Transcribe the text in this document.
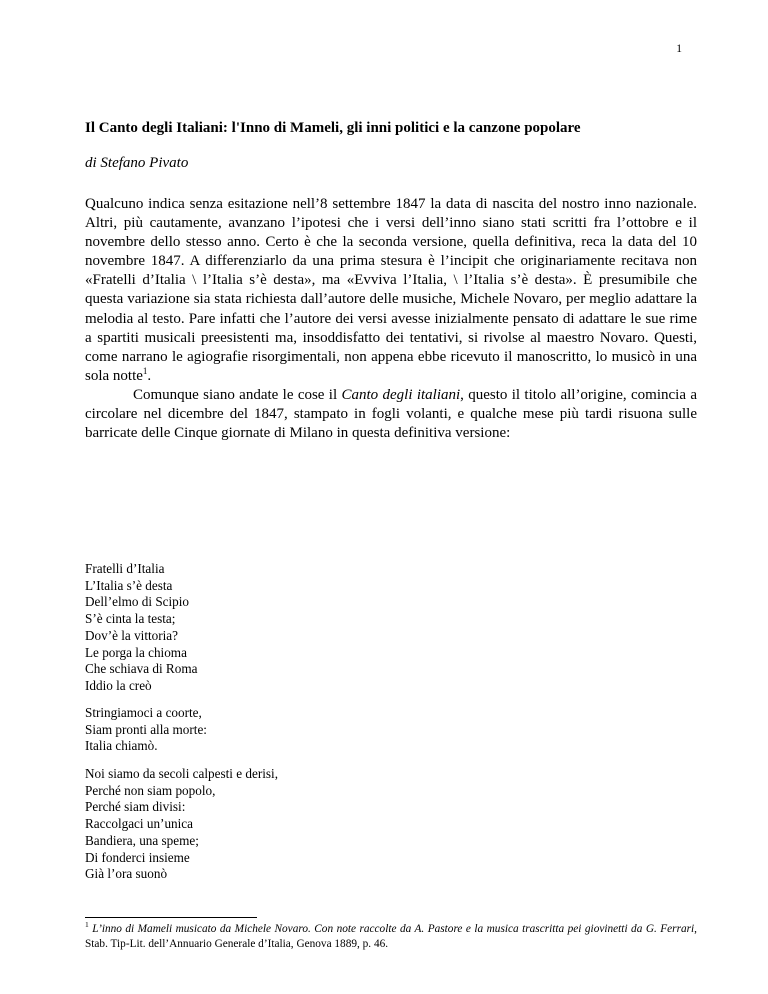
1
Il Canto degli Italiani: l'Inno di Mameli, gli inni politici e la canzone popolare
di Stefano Pivato

Qualcuno indica senza esitazione nell’8 settembre 1847 la data di nascita del nostro inno nazionale. Altri, più cautamente, avanzano l’ipotesi che i versi dell’inno siano stati scritti fra l’ottobre e il novembre dello stesso anno. Certo è che la seconda versione, quella definitiva, reca la data del 10 novembre 1847. A differenziarlo da una prima stesura è l’incipit che originariamente recitava non «Fratelli d’Italia \ l’Italia s’è desta», ma «Evviva l’Italia, \ l’Italia s’è desta». È presumibile che questa variazione sia stata richiesta dall’autore delle musiche, Michele Novaro, per meglio adattare la melodia al testo. Pare infatti che l’autore dei versi avesse inizialmente pensato di adattare le sue rime a spartiti musicali preesistenti ma, insoddisfatto dei tentativi, si rivolse al maestro Novaro. Questi, come narrano le agiografie risorgimentali, non appena ebbe ricevuto il manoscritto, lo musicò in una sola notte$^1$.

Comunque siano andate le cose il Canto degli italiani, questo il titolo all’origine, comincia a circolare nel dicembre del 1847, stampato in fogli volanti, e qualche mese più tardi risuona sulle barricate delle Cinque giornate di Milano in questa definitiva versione:

Fratelli d’Italia
L’Italia s’è desta
Dell’elmo di Scipio
S’è cinta la testa;
Dov’è la vittoria?
Le porga la chioma
Che schiava di Roma
Iddio la creò
Stringiamoci a coorte,
Siam pronti alla morte:
Italia chiamò.
Noi siamo da secoli calpesti e derisi,
Perché non siam popolo,
Perché siam divisi:
Raccolgaci un’unica
Bandiera, una speme;
Di fonderci insieme
Già l’ora suonò
$^1$ L’inno di Mameli musicato da Michele Novaro. Con note raccolte da A. Pastore e la musica trascritta pei giovinetti da G. Ferrari, Stab. Tip-Lit. dell’Annuario Generale d’Italia, Genova 1889, p. 46.
